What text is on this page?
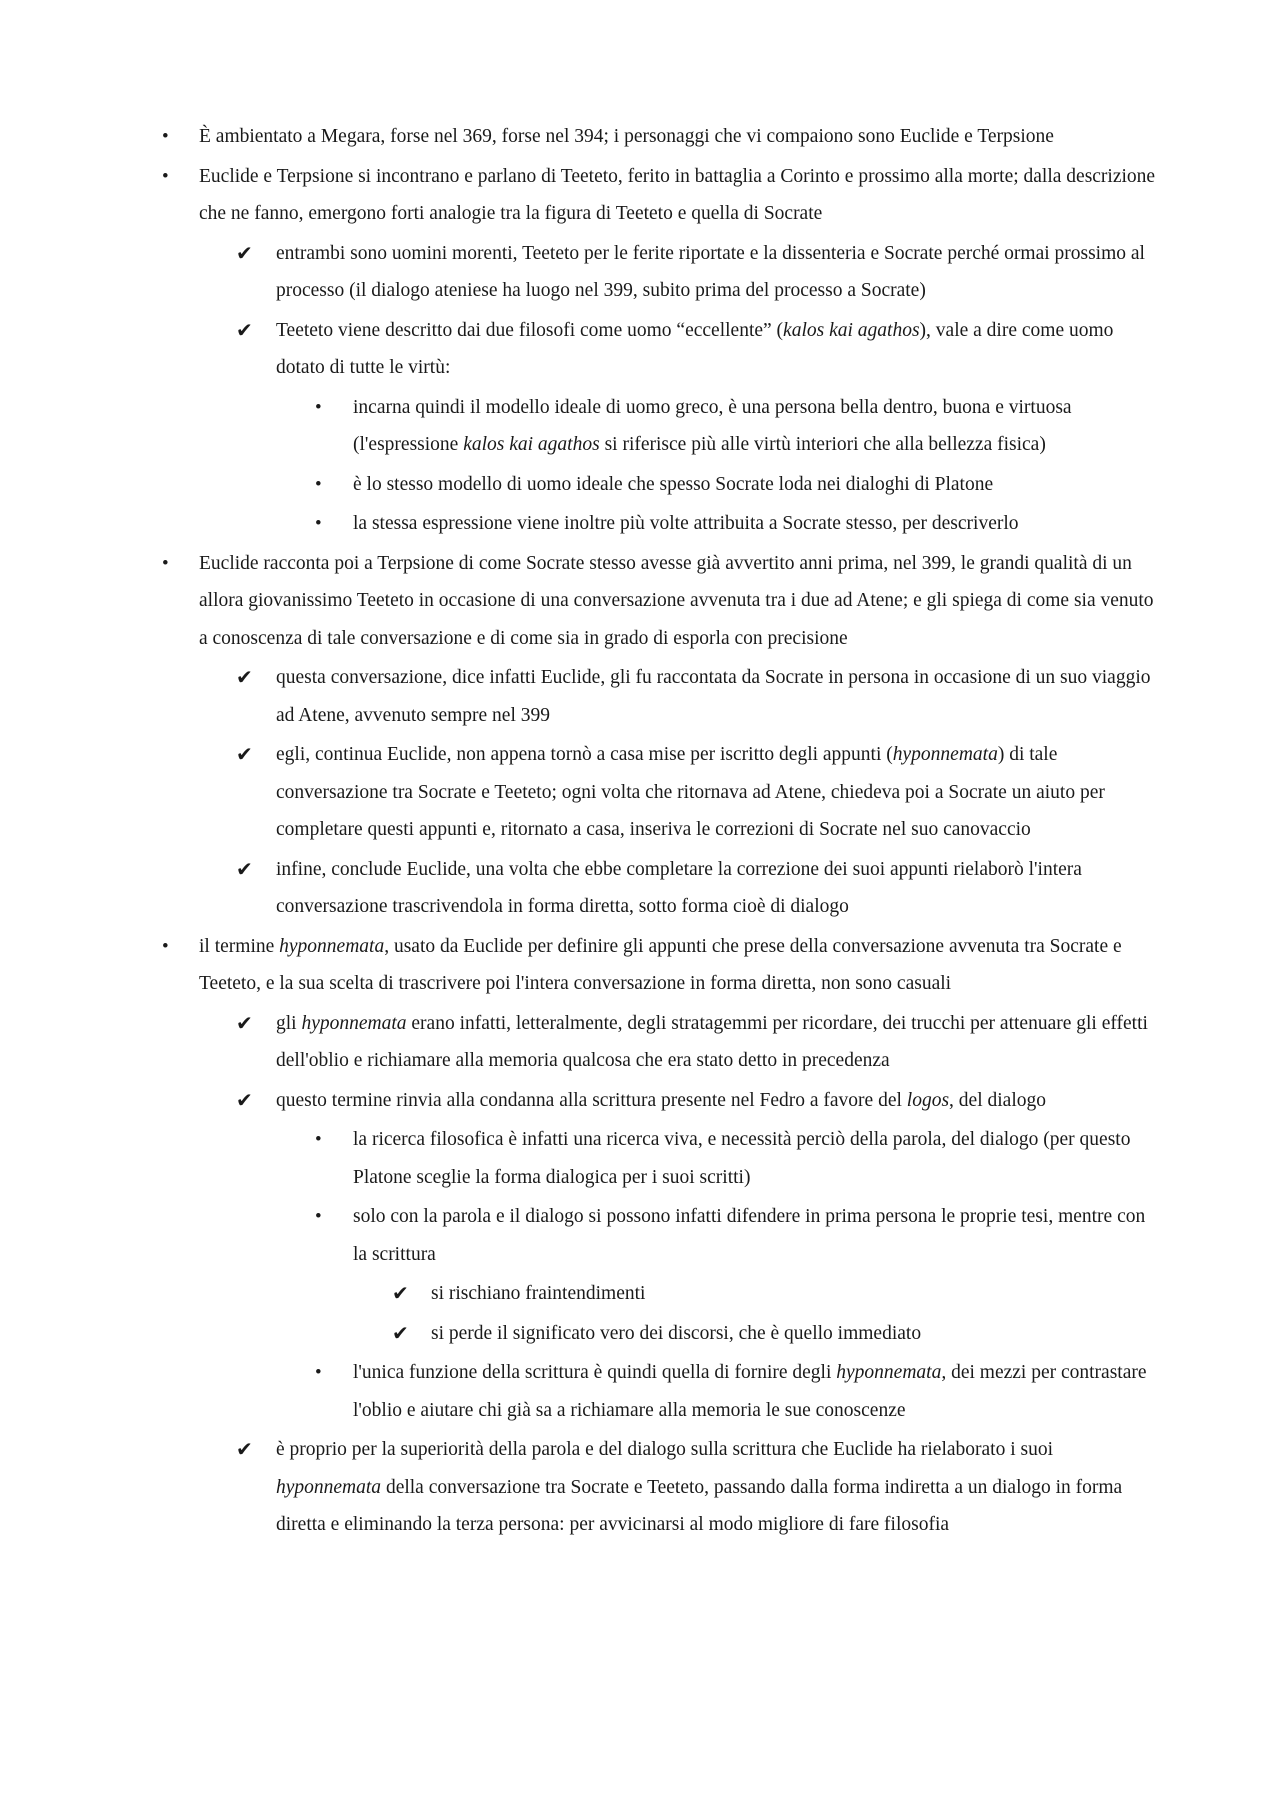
• È ambientato a Megara, forse nel 369, forse nel 394; i personaggi che vi compaiono sono Euclide e Terpsione
• Euclide e Terpsione si incontrano e parlano di Teeteto, ferito in battaglia a Corinto e prossimo alla morte; dalla descrizione che ne fanno, emergono forti analogie tra la figura di Teeteto e quella di Socrate
✔ entrambi sono uomini morenti, Teeteto per le ferite riportate e la dissenteria e Socrate perché ormai prossimo al processo (il dialogo ateniese ha luogo nel 399, subito prima del processo a Socrate)
✔ Teeteto viene descritto dai due filosofi come uomo “eccellente” (kalos kai agathos), vale a dire come uomo dotato di tutte le virtù:
• incarna quindi il modello ideale di uomo greco, è una persona bella dentro, buona e virtuosa (l'espressione kalos kai agathos si riferisce più alle virtù interiori che alla bellezza fisica)
• è lo stesso modello di uomo ideale che spesso Socrate loda nei dialoghi di Platone
• la stessa espressione viene inoltre più volte attribuita a Socrate stesso, per descriverlo
• Euclide racconta poi a Terpsione di come Socrate stesso avesse già avvertito anni prima, nel 399, le grandi qualità di un allora giovanissimo Teeteto in occasione di una conversazione avvenuta tra i due ad Atene; e gli spiega di come sia venuto a conoscenza di tale conversazione e di come sia in grado di esporla con precisione
✔ questa conversazione, dice infatti Euclide, gli fu raccontata da Socrate in persona in occasione di un suo viaggio ad Atene, avvenuto sempre nel 399
✔ egli, continua Euclide, non appena tornò a casa mise per iscritto degli appunti (hyponnemata) di tale conversazione tra Socrate e Teeteto; ogni volta che ritornava ad Atene, chiedeva poi a Socrate un aiuto per completare questi appunti e, ritornato a casa, inseriva le correzioni di Socrate nel suo canovaccio
✔ infine, conclude Euclide, una volta che ebbe completare la correzione dei suoi appunti rielaborò l'intera conversazione trascrivendola in forma diretta, sotto forma cioè di dialogo
• il termine hyponnemata, usato da Euclide per definire gli appunti che prese della conversazione avvenuta tra Socrate e Teeteto, e la sua scelta di trascrivere poi l'intera conversazione in forma diretta, non sono casuali
✔ gli hyponnemata erano infatti, letteralmente, degli stratagemmi per ricordare, dei trucchi per attenuare gli effetti dell'oblio e richiamare alla memoria qualcosa che era stato detto in precedenza
✔ questo termine rinvia alla condanna alla scrittura presente nel Fedro a favore del logos, del dialogo
• la ricerca filosofica è infatti una ricerca viva, e necessità perciò della parola, del dialogo (per questo Platone sceglie la forma dialogica per i suoi scritti)
• solo con la parola e il dialogo si possono infatti difendere in prima persona le proprie tesi, mentre con la scrittura
✔ si rischiano fraintendimenti
✔ si perde il significato vero dei discorsi, che è quello immediato
• l'unica funzione della scrittura è quindi quella di fornire degli hyponnemata, dei mezzi per contrastare l'oblio e aiutare chi già sa a richiamare alla memoria le sue conoscenze
✔ è proprio per la superiorità della parola e del dialogo sulla scrittura che Euclide ha rielaborato i suoi hyponnemata della conversazione tra Socrate e Teeteto, passando dalla forma indiretta a un dialogo in forma diretta e eliminando la terza persona: per avvicinarsi al modo migliore di fare filosofia
